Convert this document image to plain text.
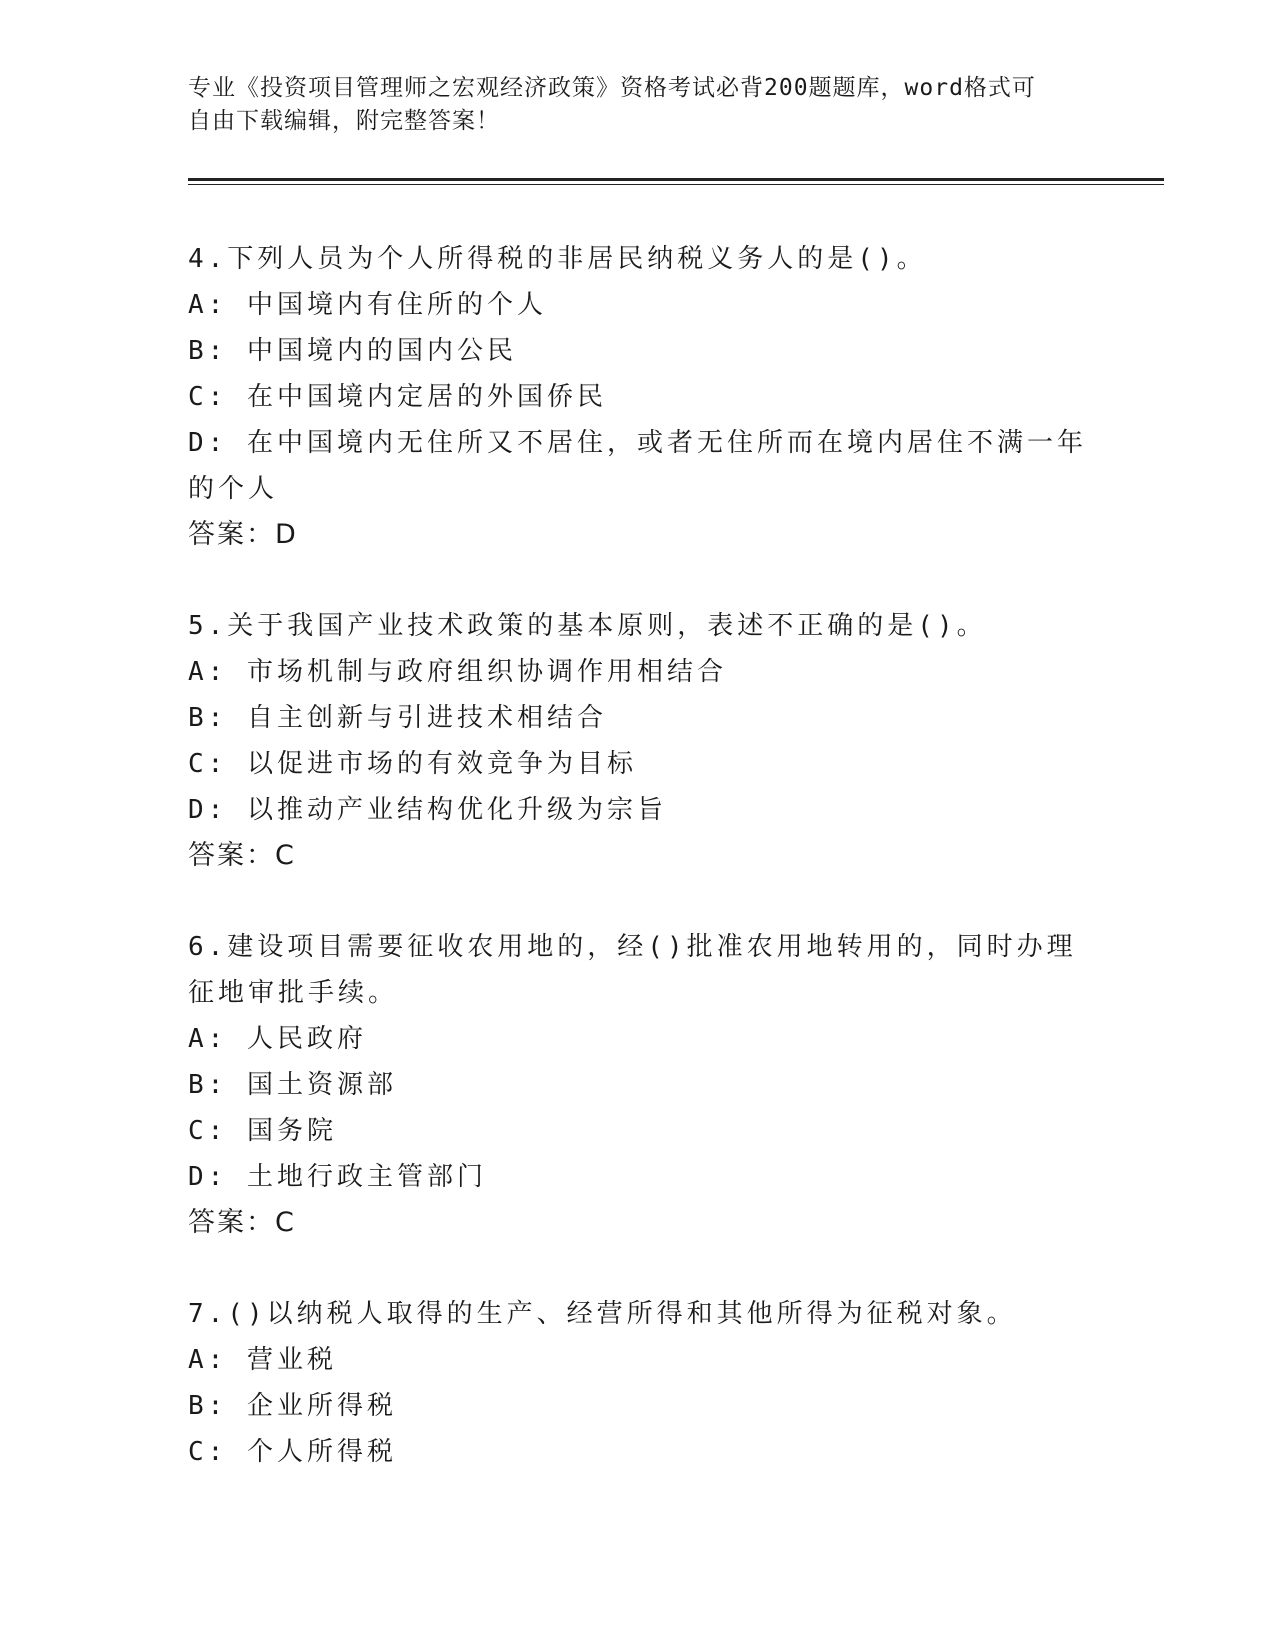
专业《投资项目管理师之宏观经济政策》资格考试必背200题题库，word格式可
自由下载编辑，附完整答案！
4.下列人员为个人所得税的非居民纳税义务人的是()。
A: 中国境内有住所的个人
B: 中国境内的国内公民
C: 在中国境内定居的外国侨民
D: 在中国境内无住所又不居住，或者无住所而在境内居住不满一年的个人
答案：D
5.关于我国产业技术政策的基本原则，表述不正确的是()。
A: 市场机制与政府组织协调作用相结合
B: 自主创新与引进技术相结合
C: 以促进市场的有效竞争为目标
D: 以推动产业结构优化升级为宗旨
答案：C
6.建设项目需要征收农用地的，经()批准农用地转用的，同时办理征地审批手续。
A: 人民政府
B: 国土资源部
C: 国务院
D: 土地行政主管部门
答案：C
7.()以纳税人取得的生产、经营所得和其他所得为征税对象。
A: 营业税
B: 企业所得税
C: 个人所得税
